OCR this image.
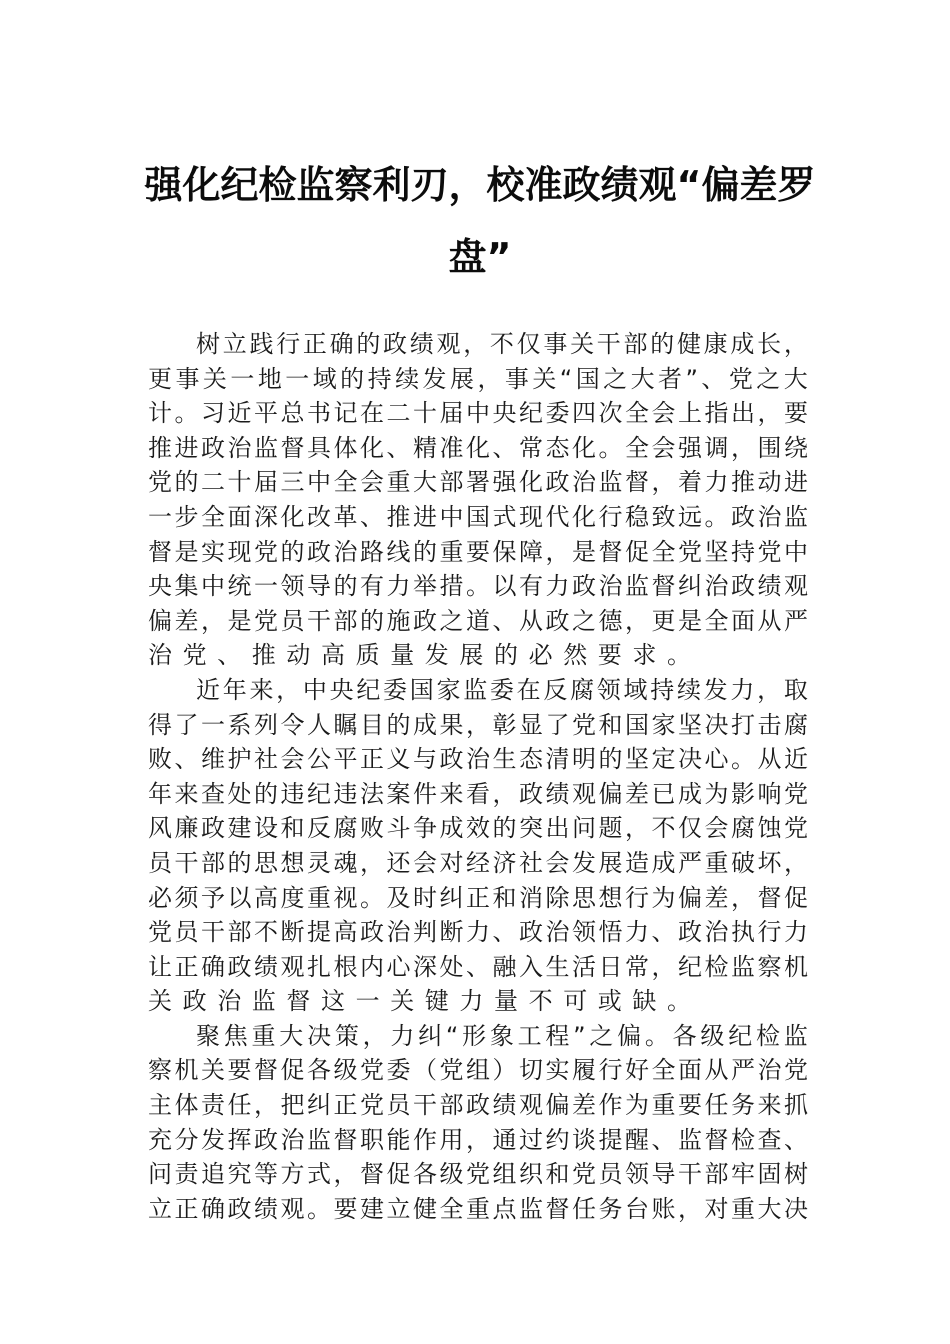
强化纪检监察利刃，校准政绩观“偏差罗
盘”
树 立 践 行 正 确 的 政 绩 观 ， 不 仅 事 关 干 部 的 健 康 成 长 ，
更 事 关 一 地 一 域 的 持 续 发 展 ， 事 关 “ 国 之 大 者 ” 、 党 之 大
计 。 习 近 平 总 书 记 在 二 十 届 中 央 纪 委 四 次 全 会 上 指 出 ， 要
推 进 政 治 监 督 具 体 化 、 精 准 化 、 常 态 化 。 全 会 强 调 ， 围 绕
党 的 二 十 届 三 中 全 会 重 大 部 署 强 化 政 治 监 督 ， 着 力 推 动 进
一 步 全 面 深 化 改 革 、 推 进 中 国 式 现 代 化 行 稳 致 远 。 政 治 监
督 是 实 现 党 的 政 治 路 线 的 重 要 保 障 ， 是 督 促 全 党 坚 持 党 中
央 集 中 统 一 领 导 的 有 力 举 措 。 以 有 力 政 治 监 督 纠 治 政 绩 观
偏 差 ， 是 党 员 干 部 的 施 政 之 道 、 从 政 之 德 ， 更 是 全 面 从 严
治党、推动高质量发展的必然要求。
近 年 来 ， 中 央 纪 委 国 家 监 委 在 反 腐 领 域 持 续 发 力 ， 取
得 了 一 系 列 令 人 瞩 目 的 成 果 ， 彰 显 了 党 和 国 家 坚 决 打 击 腐
败 、 维 护 社 会 公 平 正 义 与 政 治 生 态 清 明 的 坚 定 决 心 。 从 近
年 来 查 处 的 违 纪 违 法 案 件 来 看 ， 政 绩 观 偏 差 已 成 为 影 响 党
风 廉 政 建 设 和 反 腐 败 斗 争 成 效 的 突 出 问 题 ， 不 仅 会 腐 蚀 党
员 干 部 的 思 想 灵 魂 ， 还 会 对 经 济 社 会 发 展 造 成 严 重 破 坏 ，
必 须 予 以 高 度 重 视 。 及 时 纠 正 和 消 除 思 想 行 为 偏 差 ， 督 促
党 员 干 部 不 断 提 高 政 治 判 断 力 、 政 治 领 悟 力 、 政 治 执 行 力
让 正 确 政 绩 观 扎 根 内 心 深 处 、 融 入 生 活 日 常 ， 纪 检 监 察 机
关政治监督这一关键力量不可或缺。
聚 焦 重 大 决 策 ， 力 纠 “ 形 象 工 程 ” 之 偏 。 各 级 纪 检 监
察 机 关 要 督 促 各 级 党 委 （ 党 组 ） 切 实 履 行 好 全 面 从 严 治 党
主 体 责 任 ， 把 纠 正 党 员 干 部 政 绩 观 偏 差 作 为 重 要 任 务 来 抓
充 分 发 挥 政 治 监 督 职 能 作 用 ， 通 过 约 谈 提 醒 、 监 督 检 查 、
问 责 追 究 等 方 式 ， 督 促 各 级 党 组 织 和 党 员 领 导 干 部 牢 固 树
立 正 确 政 绩 观 。 要 建 立 健 全 重 点 监 督 任 务 台 账 ， 对 重 大 决
